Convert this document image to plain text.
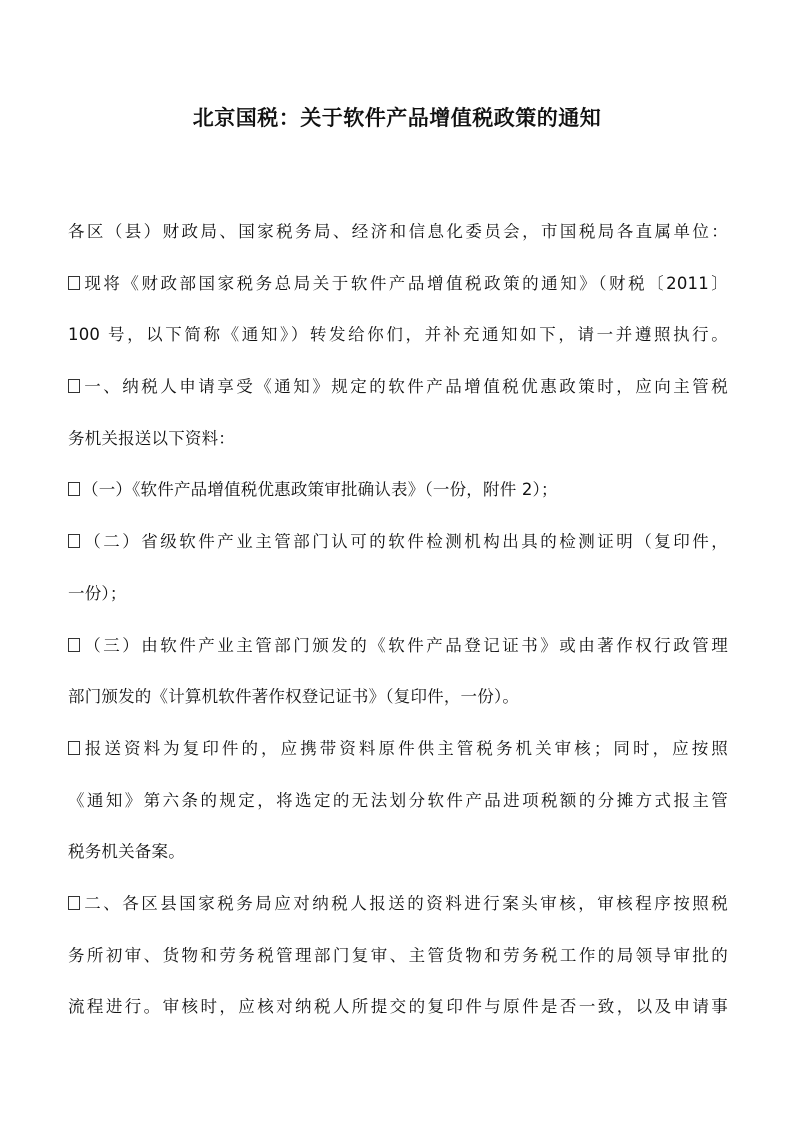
北京国税：关于软件产品增值税政策的通知
各区（县）财政局、国家税务局、经济和信息化委员会，市国税局各直属单位：
现将《财政部国家税务总局关于软件产品增值税政策的通知》（财税〔2011〕
100 号，以下简称《通知》）转发给你们，并补充通知如下，请一并遵照执行。
一、纳税人申请享受《通知》规定的软件产品增值税优惠政策时，应向主管税
务机关报送以下资料：
（一）《软件产品增值税优惠政策审批确认表》（一份，附件 2）；
（二）省级软件产业主管部门认可的软件检测机构出具的检测证明（复印件，
一份）；
（三）由软件产业主管部门颁发的《软件产品登记证书》或由著作权行政管理
部门颁发的《计算机软件著作权登记证书》（复印件，一份）。
报送资料为复印件的，应携带资料原件供主管税务机关审核；同时，应按照
《通知》第六条的规定，将选定的无法划分软件产品进项税额的分摊方式报主管
税务机关备案。
二、各区县国家税务局应对纳税人报送的资料进行案头审核，审核程序按照税
务所初审、货物和劳务税管理部门复审、主管货物和劳务税工作的局领导审批的
流程进行。审核时，应核对纳税人所提交的复印件与原件是否一致，以及申请事
